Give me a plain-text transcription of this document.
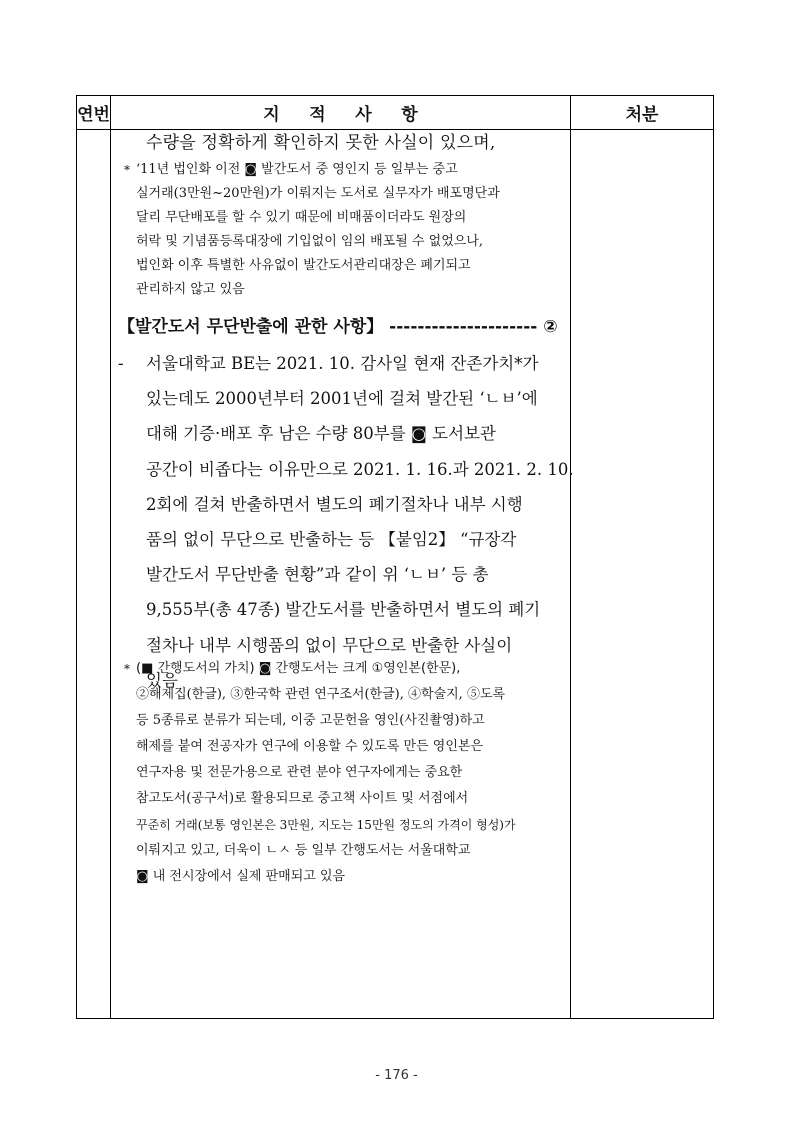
연번	지     적     사     항	처분
수량을 정확하게 확인하지 못한 사실이 있으며,
* ‘11년 법인화 이전 ◙ 발간도서 중 영인지 등 일부는 중고
실거래(3만원~20만원)가 이뤄지는 도서로 실무자가 배포명단과
달리 무단배포를 할 수 있기 때문에 비매품이더라도 원장의
허락 및 기념품등록대장에 기입없이 임의 배포될 수 없었으나,
법인화 이후 특별한 사유없이 발간도서관리대장은 폐기되고
관리하지 않고 있음
【발간도서 무단반출에 관한 사항】 --------------------- ②
-	서울대학교 BE는 2021. 10. 감사일 현재 잔존가치*가
있는데도 2000년부터 2001년에 걸쳐 발간된 ‘ㄴㅂ’에
대해 기증·배포 후 남은 수량 80부를 ◙ 도서보관
공간이 비좁다는 이유만으로 2021. 1. 16.과 2021. 2. 10.
2회에 걸쳐 반출하면서 별도의 폐기절차나 내부 시행
품의 없이 무단으로 반출하는 등 【붙임2】 “규장각
발간도서 무단반출 현황”과 같이 위 ‘ㄴㅂ’ 등 총
9,555부(총 47종) 발간도서를 반출하면서 별도의 폐기
절차나 내부 시행품의 없이 무단으로 반출한 사실이
있음
* (■ 간행도서의 가치) ◙ 간행도서는 크게 ①영인본(한문),
②해제집(한글), ③한국학 관련 연구조서(한글), ④학술지, ⑤도록
등 5종류로 분류가 되는데, 이중 고문헌을 영인(사진촬영)하고
해제를 붙여 전공자가 연구에 이용할 수 있도록 만든 영인본은
연구자용 및 전문가용으로 관련 분야 연구자에게는 중요한
참고도서(공구서)로 활용되므로 중고책 사이트 및 서점에서
꾸준히 거래(보통 영인본은 3만원, 지도는 15만원 정도의 가격이 형성)가
이뤄지고 있고, 더욱이 ㄴㅅ 등 일부 간행도서는 서울대학교
◙ 내 전시장에서 실제 판매되고 있음
- 176 -
